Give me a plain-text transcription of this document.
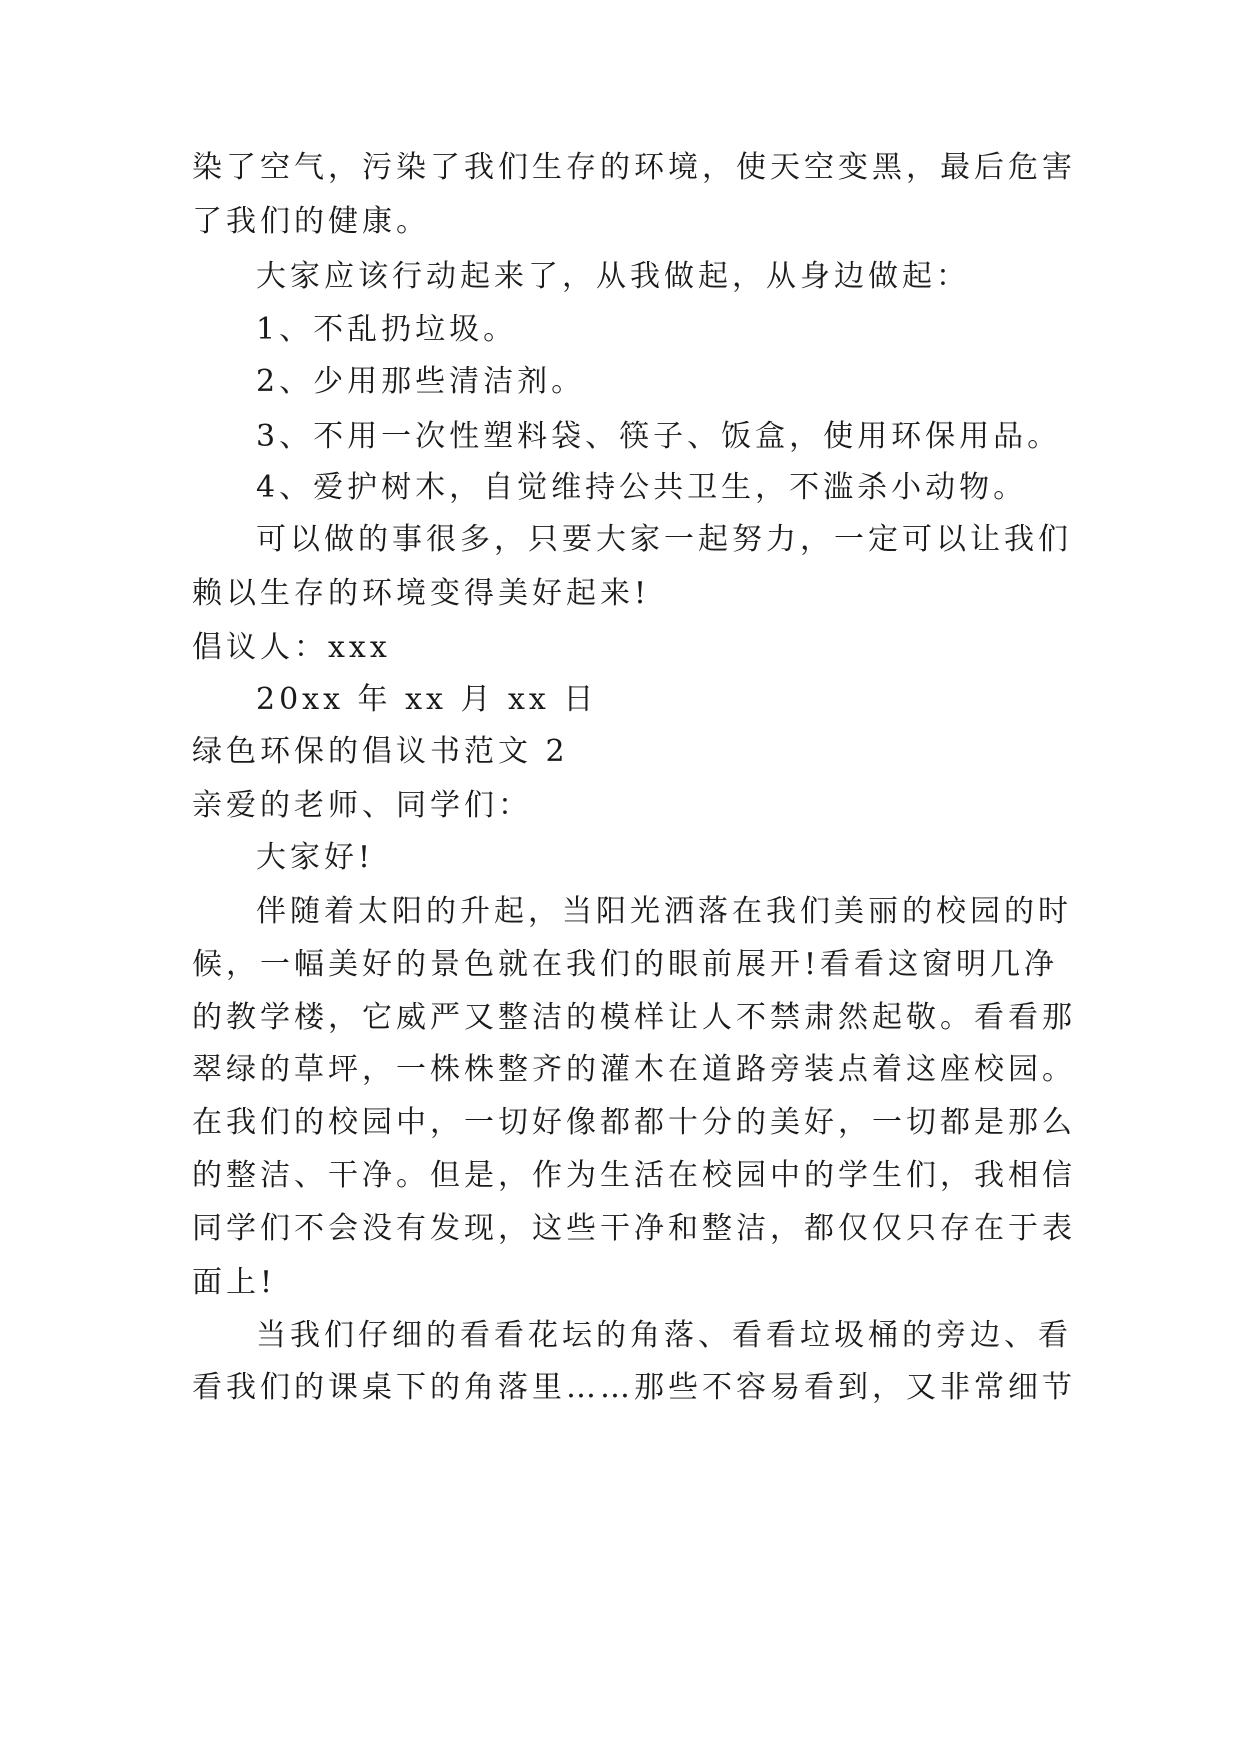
染了空气，污染了我们生存的环境，使天空变黑，最后危害

了我们的健康。

大家应该行动起来了，从我做起，从身边做起：

1、不乱扔垃圾。

2、少用那些清洁剂。

3、不用一次性塑料袋、筷子、饭盒，使用环保用品。

4、爱护树木，自觉维持公共卫生，不滥杀小动物。

可以做的事很多，只要大家一起努力，一定可以让我们

赖以生存的环境变得美好起来!

倡议人：xxx

20xx 年 xx 月 xx 日

绿色环保的倡议书范文 2

亲爱的老师、同学们：

大家好!

伴随着太阳的升起，当阳光洒落在我们美丽的校园的时

候，一幅美好的景色就在我们的眼前展开!看看这窗明几净

的教学楼，它威严又整洁的模样让人不禁肃然起敬。看看那

翠绿的草坪，一株株整齐的灌木在道路旁装点着这座校园。

在我们的校园中，一切好像都都十分的美好，一切都是那么

的整洁、干净。但是，作为生活在校园中的学生们，我相信

同学们不会没有发现，这些干净和整洁，都仅仅只存在于表

面上!

当我们仔细的看看花坛的角落、看看垃圾桶的旁边、看

看我们的课桌下的角落里……那些不容易看到，又非常细节
